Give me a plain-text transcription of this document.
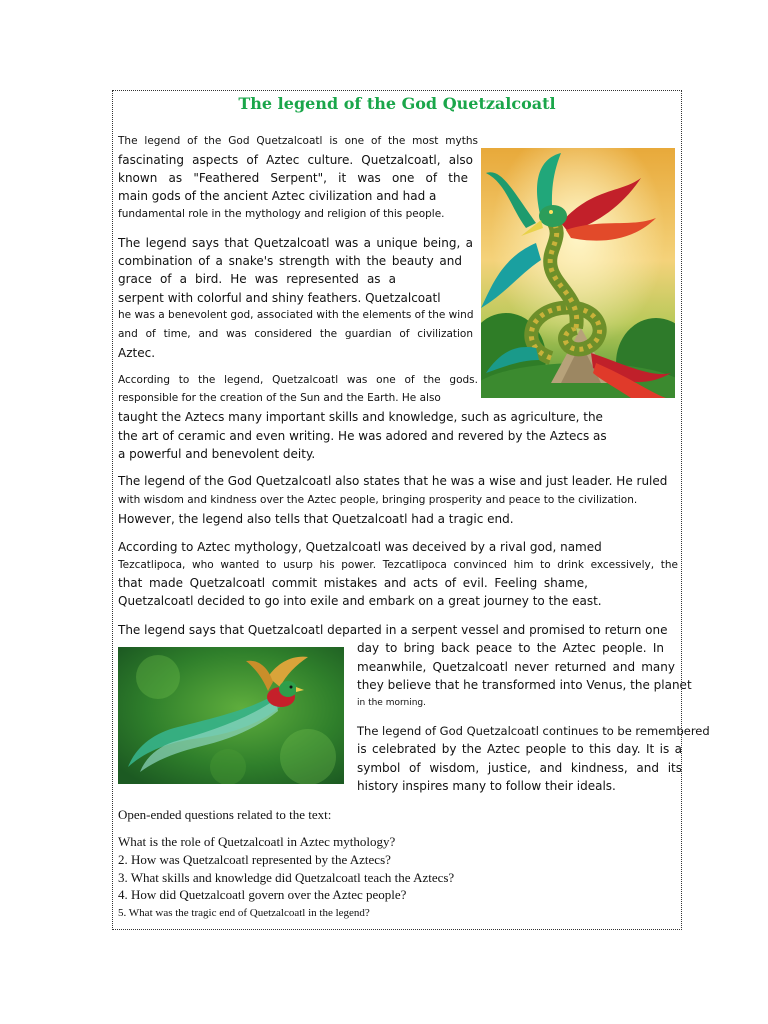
The legend of the God Quetzalcoatl

The legend of the God Quetzalcoatl is one of the most myths

fascinating aspects of Aztec culture. Quetzalcoatl, also

known as "Feathered Serpent", it was one of the

main gods of the ancient Aztec civilization and had a

fundamental role in the mythology and religion of this people.

The legend says that Quetzalcoatl was a unique being, a

combination of a snake's strength with the beauty and

grace of a bird. He was represented as a

serpent with colorful and shiny feathers. Quetzalcoatl

he was a benevolent god, associated with the elements of the wind

and of time, and was considered the guardian of civilization

Aztec.

According to the legend, Quetzalcoatl was one of the gods.

responsible for the creation of the Sun and the Earth. He also

taught the Aztecs many important skills and knowledge, such as agriculture, the

the art of ceramic and even writing. He was adored and revered by the Aztecs as

a powerful and benevolent deity.

The legend of the God Quetzalcoatl also states that he was a wise and just leader. He ruled

with wisdom and kindness over the Aztec people, bringing prosperity and peace to the civilization.

However, the legend also tells that Quetzalcoatl had a tragic end.

According to Aztec mythology, Quetzalcoatl was deceived by a rival god, named

Tezcatlipoca, who wanted to usurp his power. Tezcatlipoca convinced him to drink excessively, the

that made Quetzalcoatl commit mistakes and acts of evil. Feeling shame,

Quetzalcoatl decided to go into exile and embark on a great journey to the east.

The legend says that Quetzalcoatl departed in a serpent vessel and promised to return one

day to bring back peace to the Aztec people. In

meanwhile, Quetzalcoatl never returned and many

they believe that he transformed into Venus, the planet

in the morning.

The legend of God Quetzalcoatl continues to be remembered

is celebrated by the Aztec people to this day. It is a

symbol of wisdom, justice, and kindness, and its

history inspires many to follow their ideals.

Open-ended questions related to the text:

What is the role of Quetzalcoatl in Aztec mythology?

2. How was Quetzalcoatl represented by the Aztecs?

3. What skills and knowledge did Quetzalcoatl teach the Aztecs?

4. How did Quetzalcoatl govern over the Aztec people?

5. What was the tragic end of Quetzalcoatl in the legend?
